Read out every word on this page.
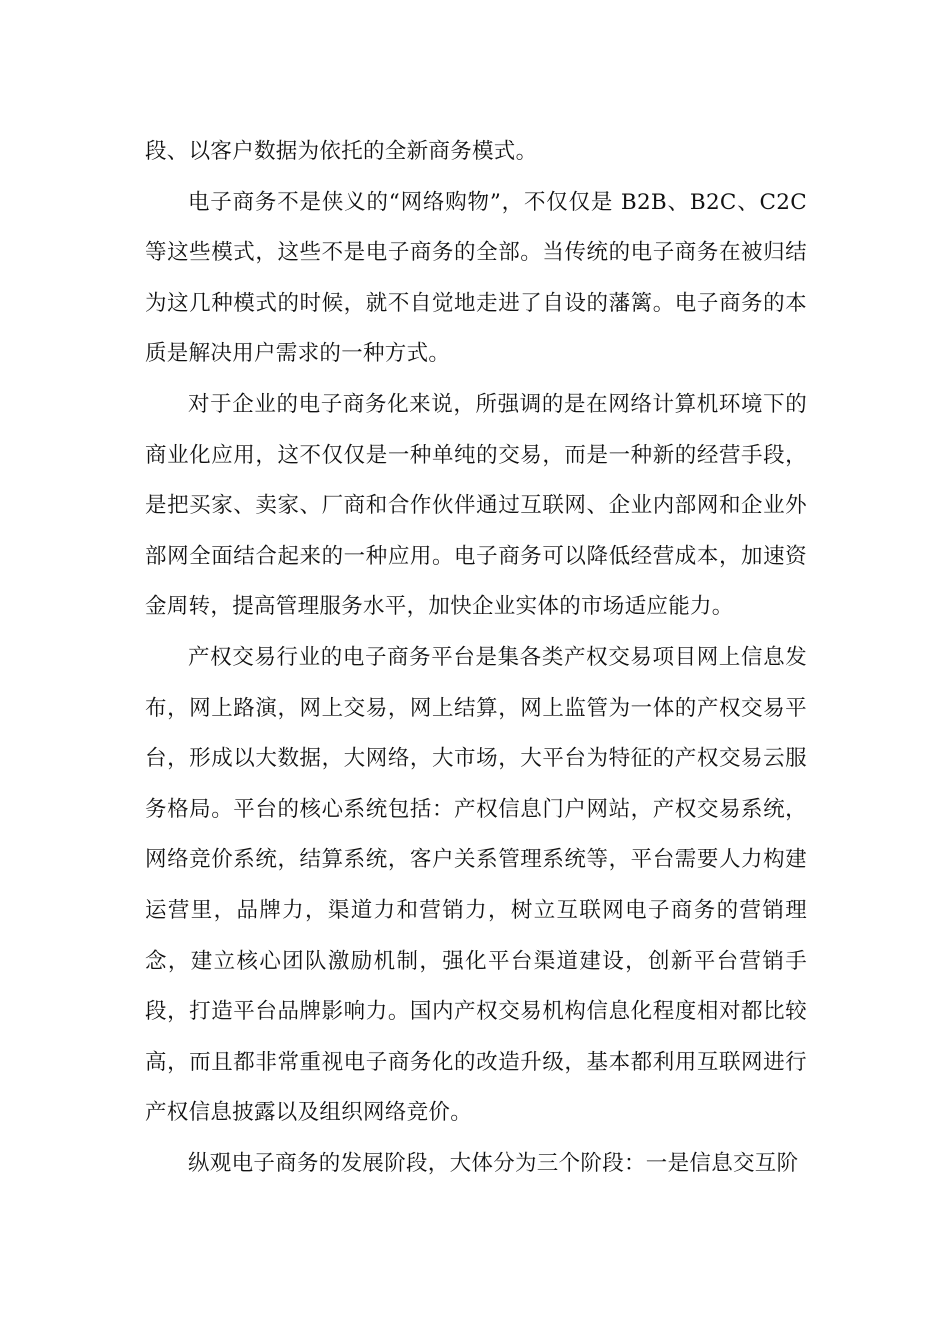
段、以客户数据为依托的全新商务模式。

电子商务不是侠义的“网络购物”，不仅仅是 B2B、B2C、C2C 等这些模式，这些不是电子商务的全部。当传统的电子商务在被归结为这几种模式的时候，就不自觉地走进了自设的藩篱。电子商务的本质是解决用户需求的一种方式。

对于企业的电子商务化来说，所强调的是在网络计算机环境下的商业化应用，这不仅仅是一种单纯的交易，而是一种新的经营手段，是把买家、卖家、厂商和合作伙伴通过互联网、企业内部网和企业外部网全面结合起来的一种应用。电子商务可以降低经营成本，加速资金周转，提高管理服务水平，加快企业实体的市场适应能力。

产权交易行业的电子商务平台是集各类产权交易项目网上信息发布，网上路演，网上交易，网上结算，网上监管为一体的产权交易平台，形成以大数据，大网络，大市场，大平台为特征的产权交易云服务格局。平台的核心系统包括：产权信息门户网站，产权交易系统，网络竞价系统，结算系统，客户关系管理系统等，平台需要人力构建运营里，品牌力，渠道力和营销力，树立互联网电子商务的营销理念，建立核心团队激励机制，强化平台渠道建设，创新平台营销手段，打造平台品牌影响力。国内产权交易机构信息化程度相对都比较高，而且都非常重视电子商务化的改造升级，基本都利用互联网进行产权信息披露以及组织网络竞价。

纵观电子商务的发展阶段，大体分为三个阶段：一是信息交互阶
